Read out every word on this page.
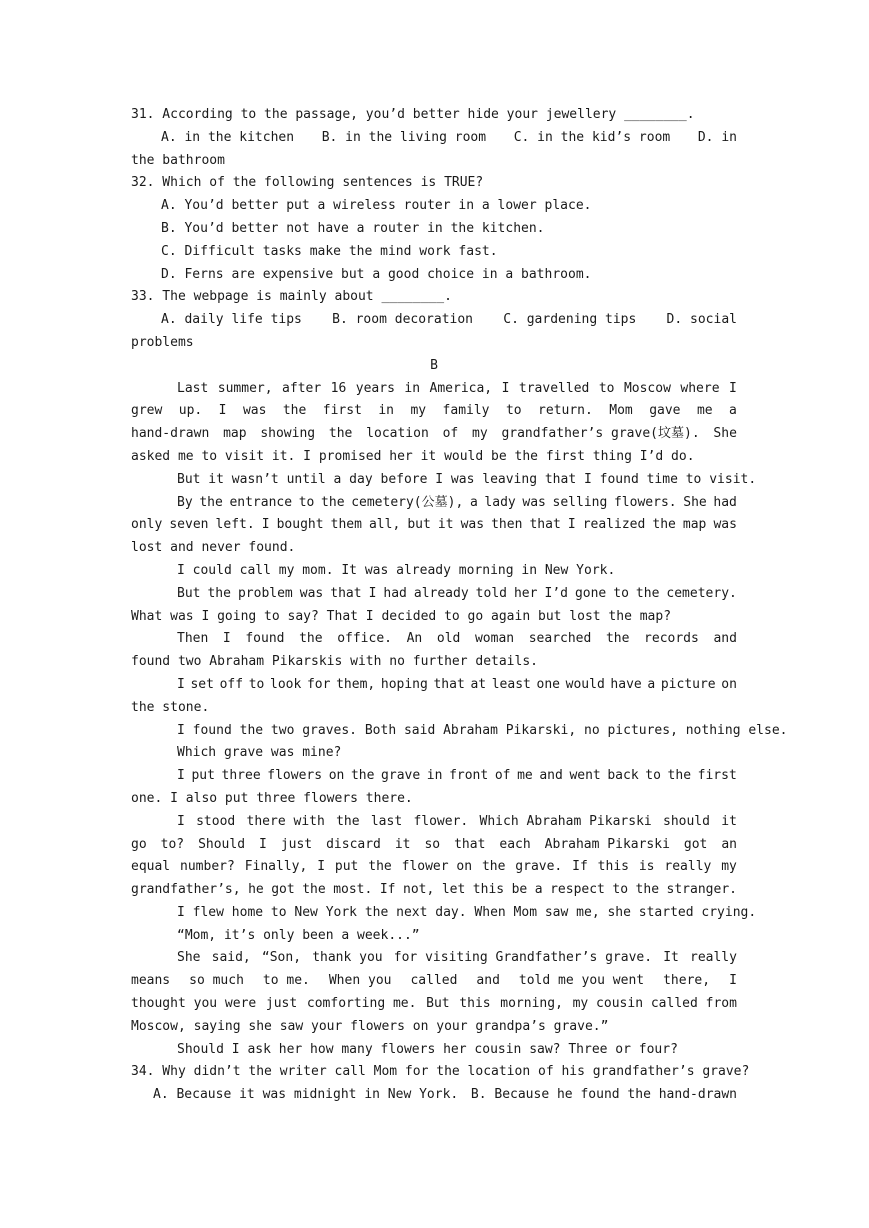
31. According to the passage, you’d better hide your jewellery ________.
A. in the kitchen B. in the living room C. in the kid’s room D. in
the bathroom
32. Which of the following sentences is TRUE?
A. You’d better put a wireless router in a lower place.
B. You’d better not have a router in the kitchen.
C. Difficult tasks make the mind work fast.
D. Ferns are expensive but a good choice in a bathroom.
33. The webpage is mainly about ________.
A. daily life tips B. room decoration C. gardening tips D. social
problems
B
Last summer, after 16 years in America, I travelled to Moscow where I
grew up. I was the first in my family to return. Mom gave me a
hand-drawn map showing the location of my grandfather’s grave(坟墓). She
asked me to visit it. I promised her it would be the first thing I’d do.
But it wasn’t until a day before I was leaving that I found time to visit.
By the entrance to the cemetery(公墓), a lady was selling flowers. She had
only seven left. I bought them all, but it was then that I realized the map was
lost and never found.
I could call my mom. It was already morning in New York.
But the problem was that I had already told her I’d gone to the cemetery.
What was I going to say? That I decided to go again but lost the map?
Then I found the office. An old woman searched the records and
found two Abraham Pikarskis with no further details.
I set off to look for them, hoping that at least one would have a picture on
the stone.
I found the two graves. Both said Abraham Pikarski, no pictures, nothing else.
Which grave was mine?
I put three flowers on the grave in front of me and went back to the first
one. I also put three flowers there.
I stood there with the last flower. Which Abraham Pikarski should it
go to? Should I just discard it so that each Abraham Pikarski got an
equal number? Finally, I put the flower on the grave. If this is really my
grandfather’s, he got the most. If not, let this be a respect to the stranger.
I flew home to New York the next day. When Mom saw me, she started crying.
“Mom, it’s only been a week...”
She said, “Son, thank you for visiting Grandfather’s grave. It really
means so much to me. When you called and told me you went there, I
thought you were just comforting me. But this morning, my cousin called from
Moscow, saying she saw your flowers on your grandpa’s grave.”
Should I ask her how many flowers her cousin saw? Three or four?
34. Why didn’t the writer call Mom for the location of his grandfather’s grave?
A. Because it was midnight in New York. B. Because he found the hand-drawn
